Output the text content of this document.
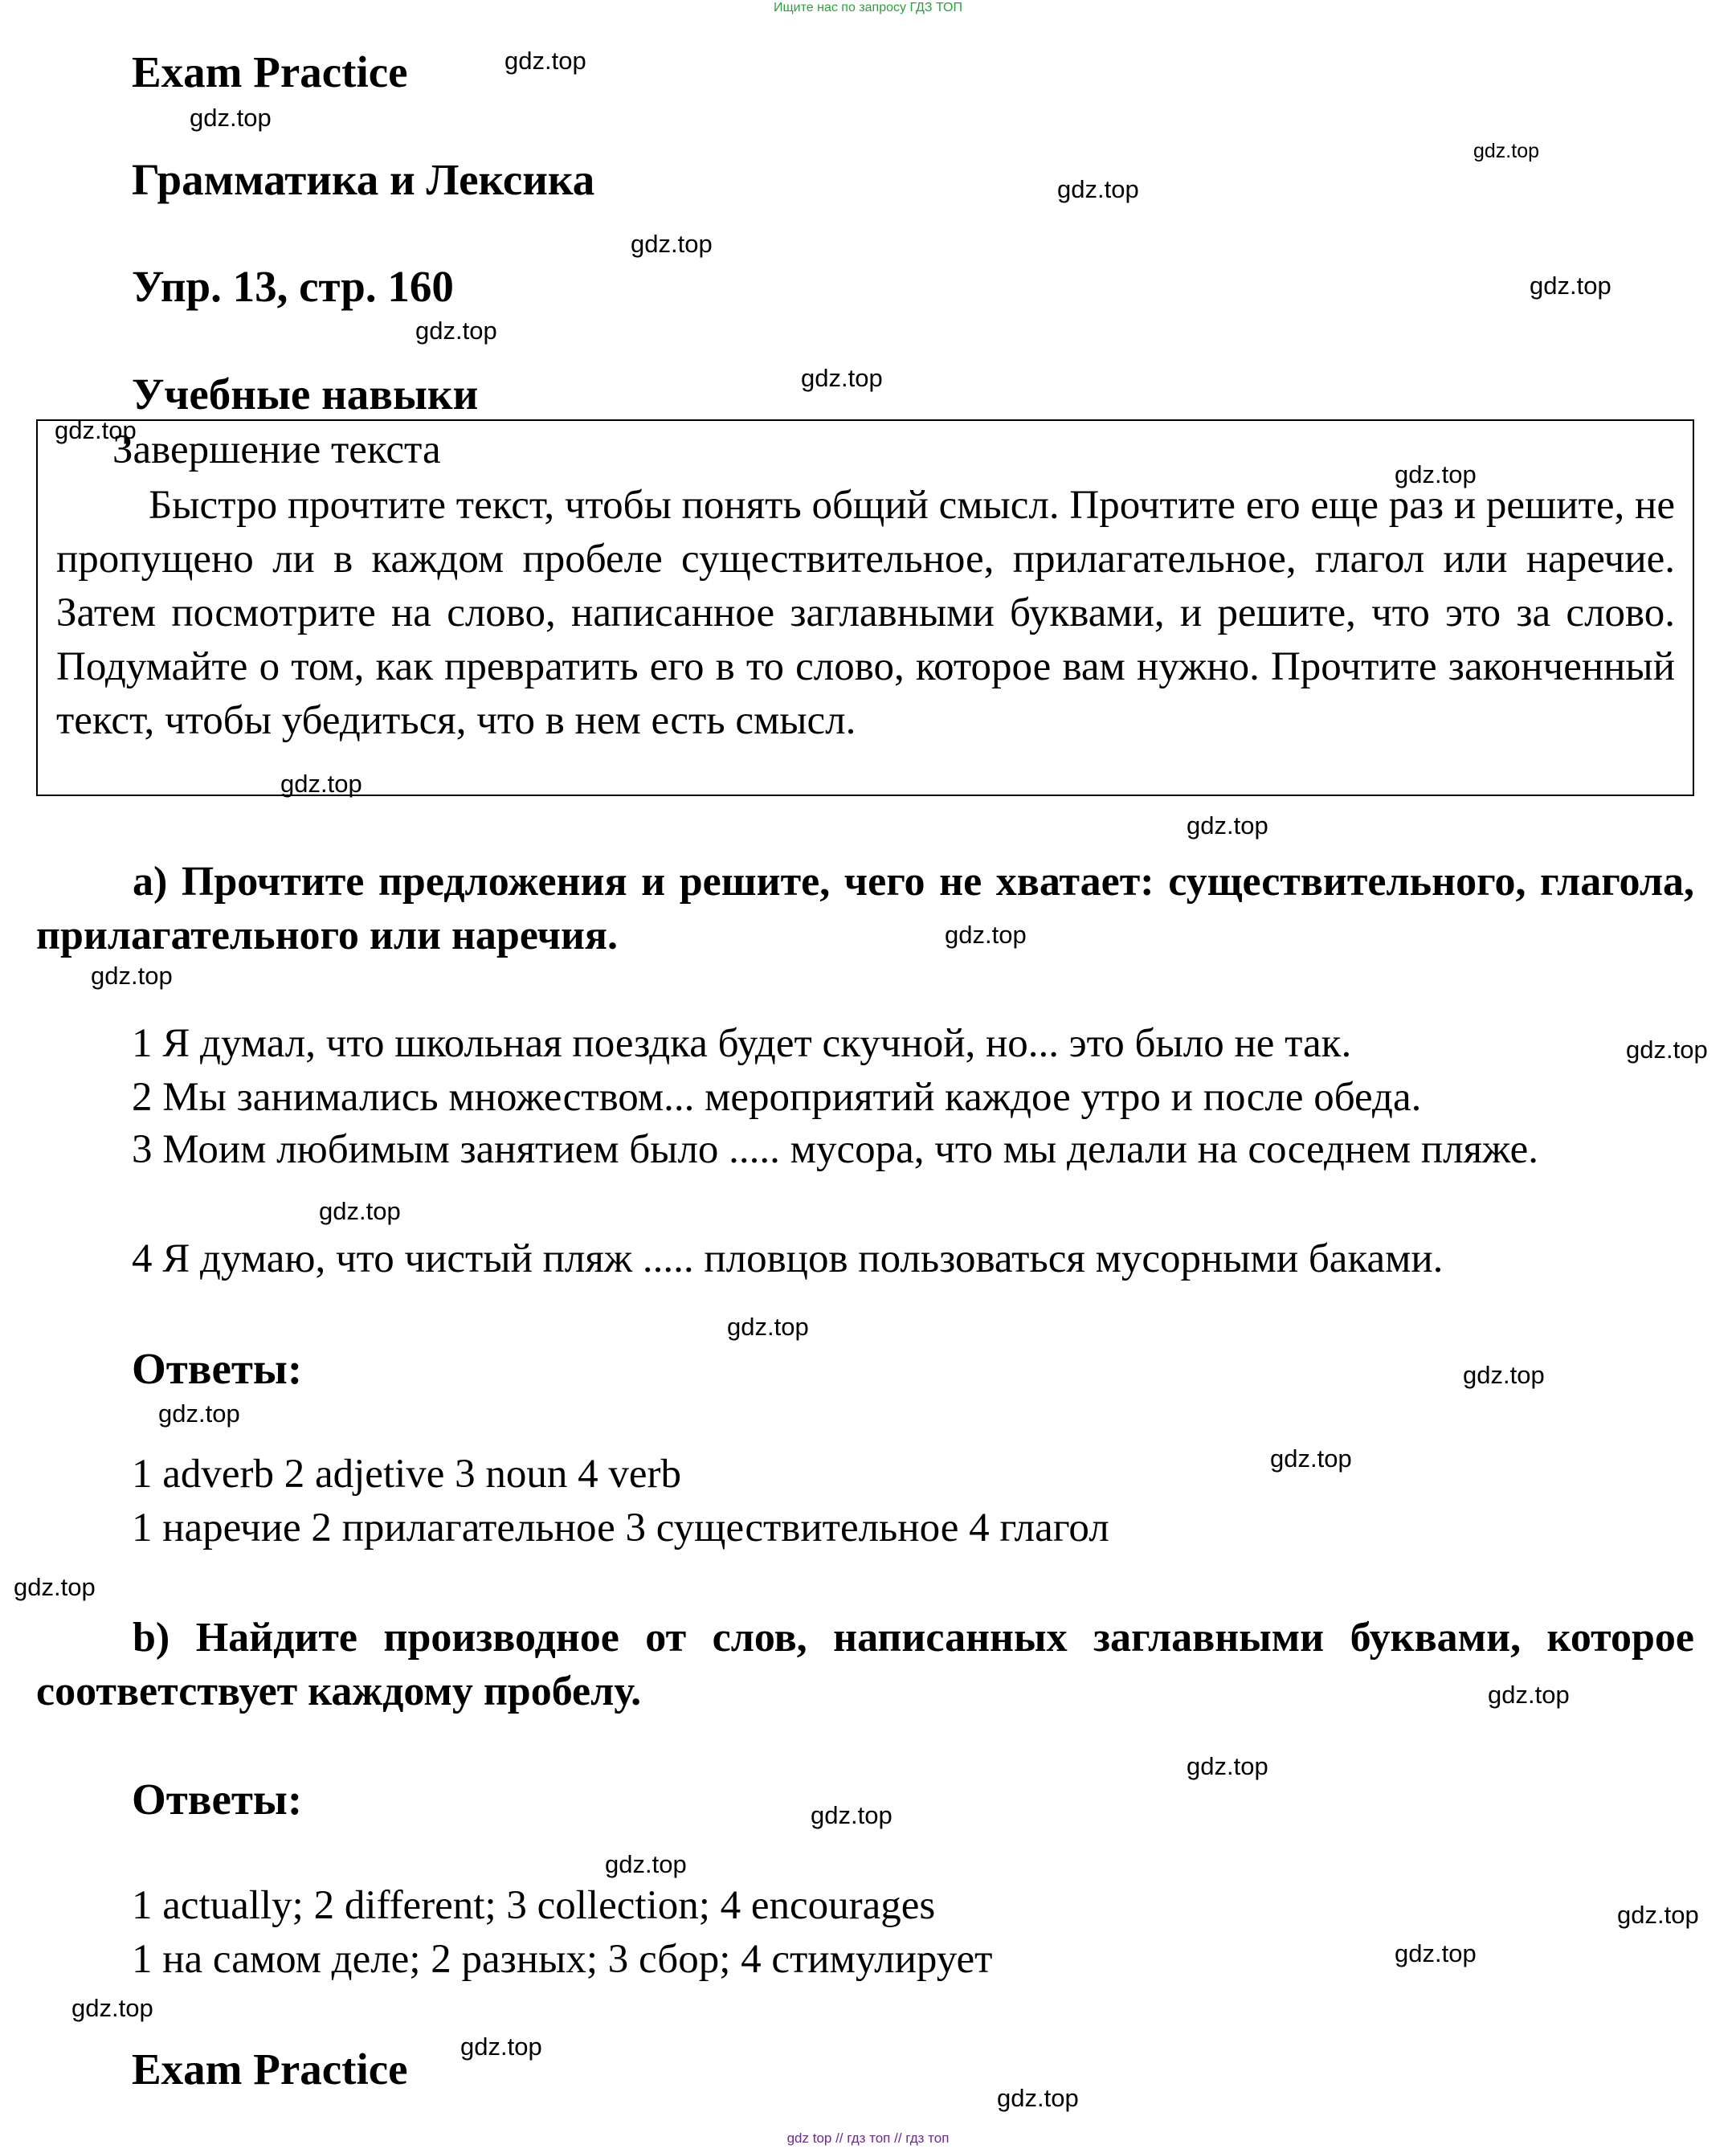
Ищите нас по запросу ГДЗ ТОП
Exam Practice
Грамматика и Лексика
Упр. 13, стр. 160
Учебные навыки
Завершение текста
Быстро прочтите текст, чтобы понять общий смысл. Прочтите его еще раз и решите, не пропущено ли в каждом пробеле существительное, прилагательное, глагол или наречие. Затем посмотрите на слово, написанное заглавными буквами, и решите, что это за слово. Подумайте о том, как превратить его в то слово, которое вам нужно. Прочтите законченный текст, чтобы убедиться, что в нем есть смысл.
a) Прочтите предложения и решите, чего не хватает: существительного, глагола, прилагательного или наречия.
1 Я думал, что школьная поездка будет скучной, но... это было не так.
2 Мы занимались множеством... мероприятий каждое утро и после обеда.
3 Моим любимым занятием было ..... мусора, что мы делали на соседнем пляже.
4 Я думаю, что чистый пляж ..... пловцов пользоваться мусорными баками.
Ответы:
1 adverb 2 adjetive 3 noun 4 verb
1 наречие 2 прилагательное 3 существительное 4 глагол
b) Найдите производное от слов, написанных заглавными буквами, которое соответствует каждому пробелу.
Ответы:
1 actually; 2 different; 3 collection; 4 encourages
1 на самом деле; 2 разных; 3 сбор; 4 стимулирует
Exam Practice
gdz.top
gdz.top
gdz.top
gdz.top
gdz.top
gdz.top
gdz.top
gdz.top
gdz.top
gdz.top
gdz.top
gdz.top
gdz.top
gdz.top
gdz.top
gdz.top
gdz.top
gdz.top
gdz.top
gdz.top
gdz.top
gdz.top
gdz.top
gdz.top
gdz.top
gdz.top
gdz.top
gdz.top
gdz.top
gdz.top
gdz top // гдз топ // гдз топ
